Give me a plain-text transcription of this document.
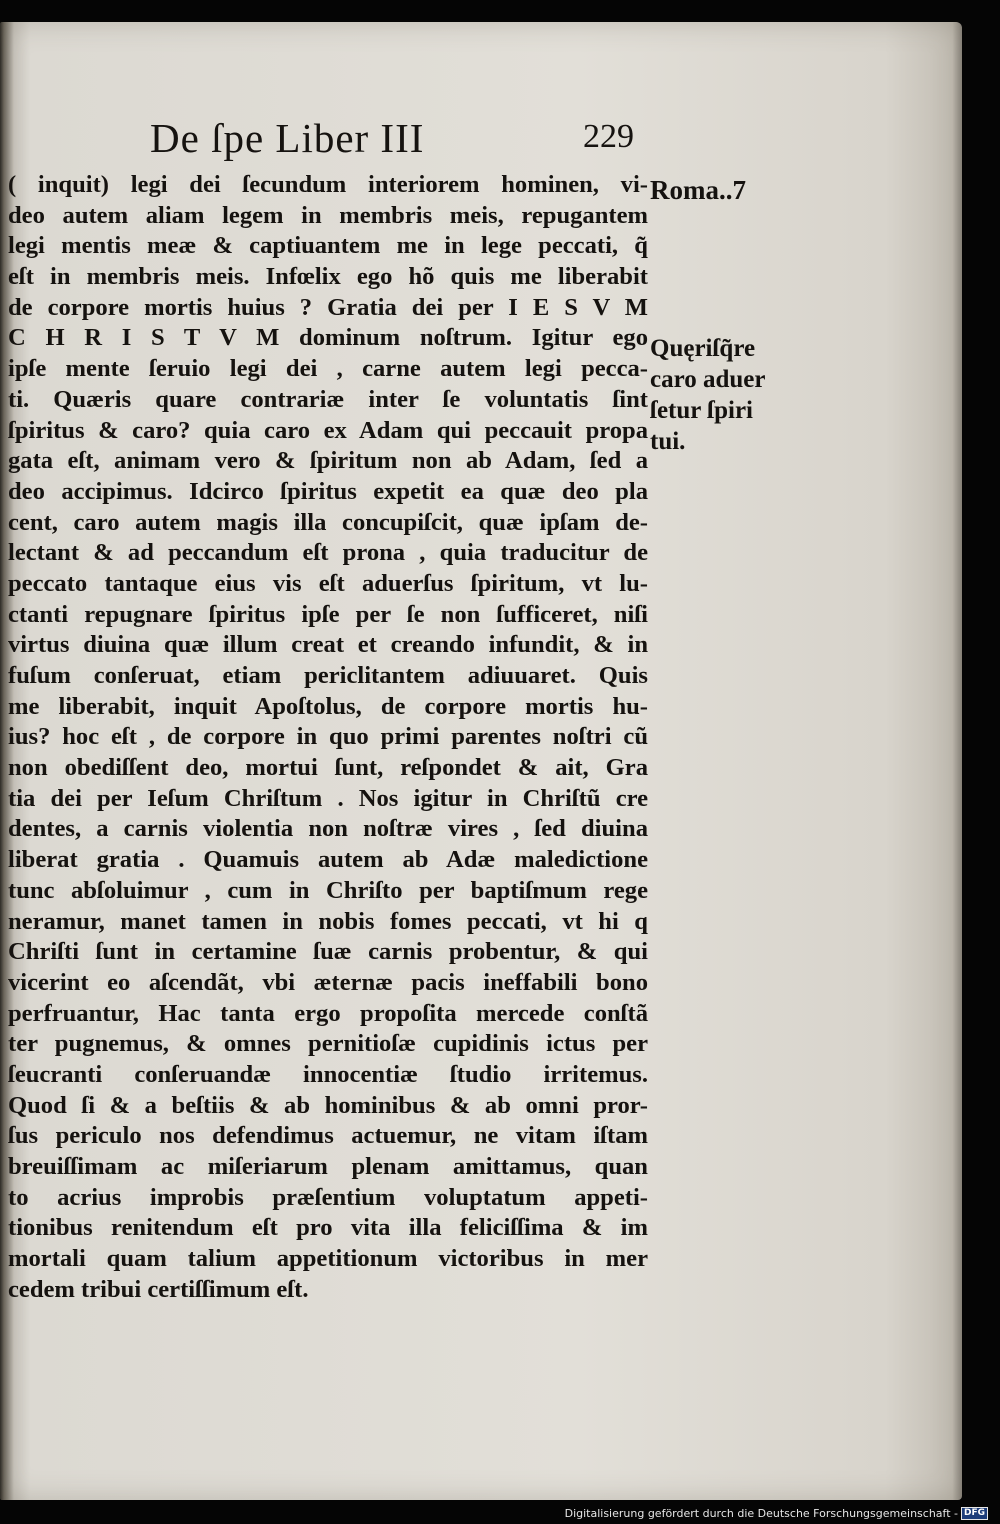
De ſpe Liber III	229
Roma..7
Quęriſq̃re
caro aduer
ſetur ſpiri
tui.
( inquit) legi dei ſecundum interiorem hominen, vi-
deo autem aliam legem in membris meis, repugantem
legi mentis meæ & captiuantem me in lege peccati, q̃
eſt in membris meis. Infœlix ego hõ quis me liberabit
de corpore mortis huius ? Gratia dei per I E S V M
C H R I S T V M dominum noſtrum. Igitur ego
ipſe mente ſeruio legi dei , carne autem legi pecca-
ti. Quæris quare contrariæ inter ſe voluntatis ſint
ſpiritus & caro? quia caro ex Adam qui peccauit propa
gata eſt, animam vero & ſpiritum non ab Adam, ſed a
deo accipimus. Idcirco ſpiritus expetit ea quæ deo pla
cent, caro autem magis illa concupiſcit, quæ ipſam de-
lectant & ad peccandum eſt prona , quia traducitur de
peccato tantaque eius vis eſt aduerſus ſpiritum, vt lu-
ctanti repugnare ſpiritus ipſe per ſe non ſufficeret, niſi
virtus diuina quæ illum creat et creando infundit, & in
fuſum conſeruat, etiam periclitantem adiuuaret. Quis
me liberabit, inquit Apoſtolus, de corpore mortis hu-
ius? hoc eſt , de corpore in quo primi parentes noſtri cũ
non obediſſent deo, mortui ſunt, reſpondet & ait, Gra
tia dei per Ieſum Chriſtum . Nos igitur in Chriſtũ cre
dentes, a carnis violentia non noſtræ vires , ſed diuina
liberat gratia . Quamuis autem ab Adæ maledictione
tunc abſoluimur , cum in Chriſto per baptiſmum rege
neramur, manet tamen in nobis fomes peccati, vt hi q
Chriſti ſunt in certamine ſuæ carnis probentur, & qui
vicerint eo aſcendãt, vbi æternæ pacis ineffabili bono
perfruantur, Hac tanta ergo propoſita mercede conſtã
ter pugnemus, & omnes pernitioſæ cupidinis ictus per
ſeucranti conſeruandæ innocentiæ ſtudio irritemus.
Quod ſi & a beſtiis & ab hominibus & ab omni pror-
ſus periculo nos defendimus actuemur, ne vitam iſtam
breuiſſimam ac miſeriarum plenam amittamus, quan
to acrius improbis præſentium voluptatum appeti-
tionibus renitendum eſt pro vita illa feliciſſima & im
mortali quam talium appetitionum victoribus in mer
cedem tribui certiſſimum eſt.
Digitalisierung gefördert durch die Deutsche Forschungsgemeinschaft - DFG
